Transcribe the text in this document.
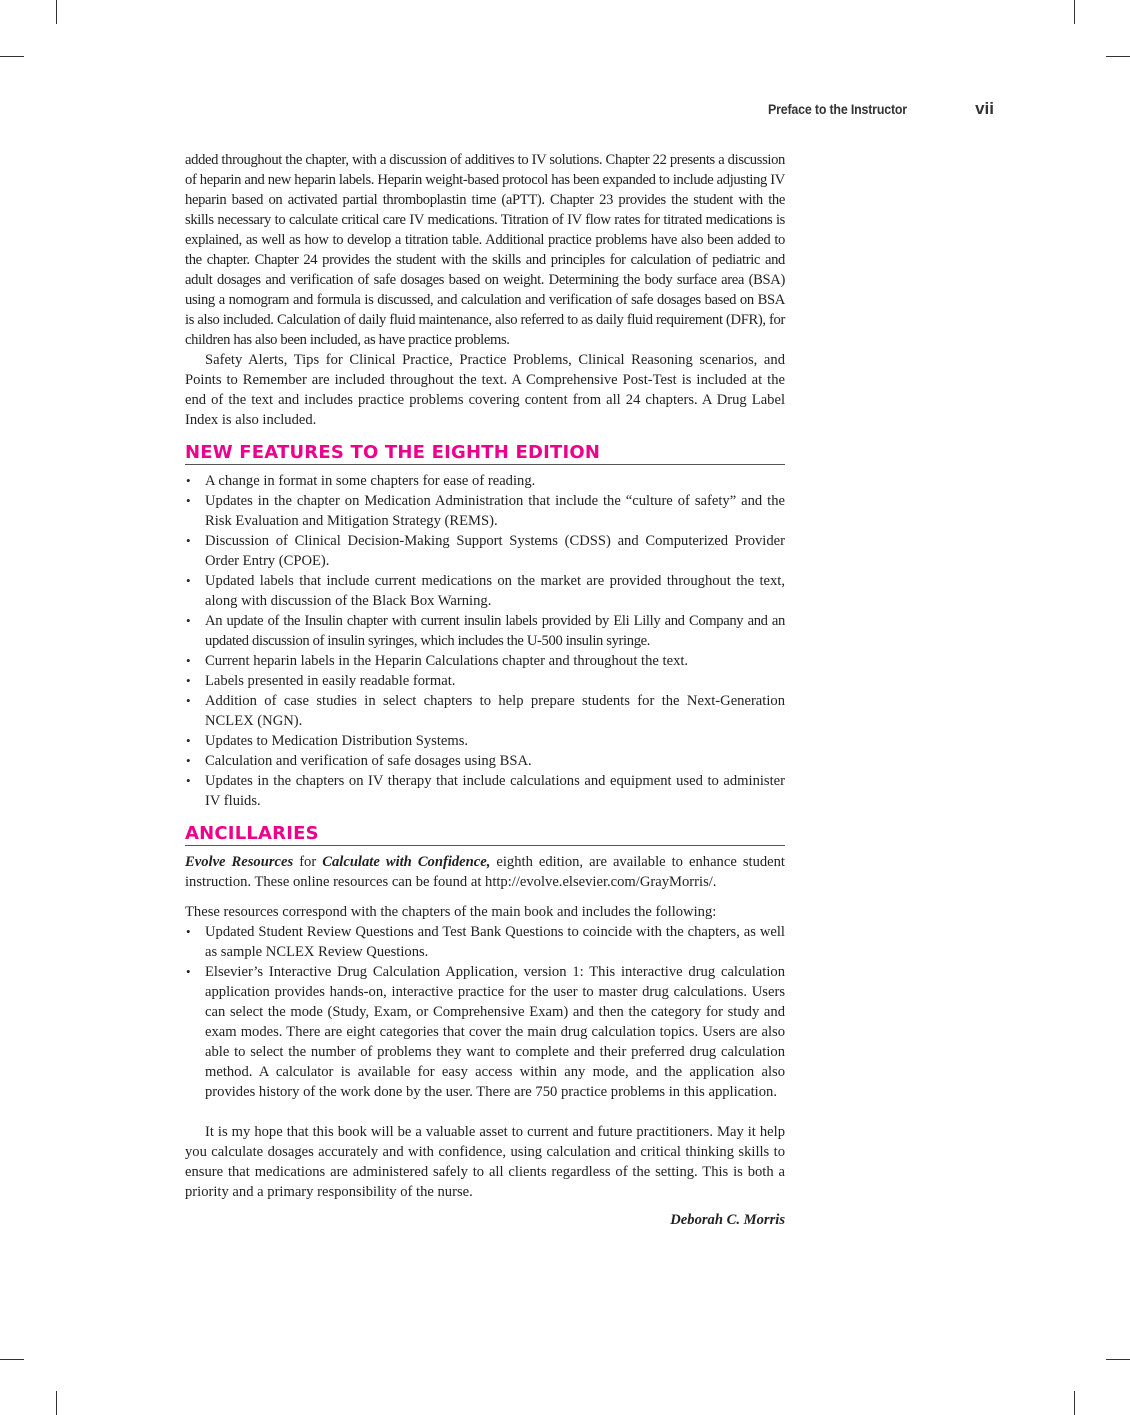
Preface to the Instructor	vii

added throughout the chapter, with a discussion of additives to IV solutions. Chapter 22 presents a discussion of heparin and new heparin labels. Heparin weight-based protocol has been expanded to include adjusting IV heparin based on activated partial thromboplastin time (aPTT). Chapter 23 provides the student with the skills necessary to calculate critical care IV medications. Titration of IV flow rates for titrated medications is explained, as well as how to develop a titration table. Additional practice problems have also been added to the chapter. Chapter 24 provides the student with the skills and principles for calculation of pediatric and adult dosages and verification of safe dosages based on weight. Determining the body surface area (BSA) using a nomogram and formula is discussed, and calculation and verification of safe dosages based on BSA is also included. Calculation of daily fluid maintenance, also referred to as daily fluid requirement (DFR), for children has also been included, as have practice problems.

Safety Alerts, Tips for Clinical Practice, Practice Problems, Clinical Reasoning scenarios, and Points to Remember are included throughout the text. A Comprehensive Post-Test is included at the end of the text and includes practice problems covering content from all 24 chapters. A Drug Label Index is also included.

NEW FEATURES TO THE EIGHTH EDITION
• A change in format in some chapters for ease of reading.
• Updates in the chapter on Medication Administration that include the “culture of safety” and the Risk Evaluation and Mitigation Strategy (REMS).
• Discussion of Clinical Decision-Making Support Systems (CDSS) and Computerized Provider Order Entry (CPOE).
• Updated labels that include current medications on the market are provided throughout the text, along with discussion of the Black Box Warning.
• An update of the Insulin chapter with current insulin labels provided by Eli Lilly and Company and an updated discussion of insulin syringes, which includes the U-500 insulin syringe.
• Current heparin labels in the Heparin Calculations chapter and throughout the text.
• Labels presented in easily readable format.
• Addition of case studies in select chapters to help prepare students for the Next-Generation NCLEX (NGN).
• Updates to Medication Distribution Systems.
• Calculation and verification of safe dosages using BSA.
• Updates in the chapters on IV therapy that include calculations and equipment used to administer IV fluids.
ANCILLARIES

Evolve Resources for Calculate with Confidence, eighth edition, are available to enhance student instruction. These online resources can be found at http://evolve.elsevier.com/GrayMorris/.

These resources correspond with the chapters of the main book and includes the following:

• Updated Student Review Questions and Test Bank Questions to coincide with the chapters, as well as sample NCLEX Review Questions.
• Elsevier’s Interactive Drug Calculation Application, version 1: This interactive drug calculation application provides hands-on, interactive practice for the user to master drug calculations. Users can select the mode (Study, Exam, or Comprehensive Exam) and then the category for study and exam modes. There are eight categories that cover the main drug calculation topics. Users are also able to select the number of problems they want to complete and their preferred drug calculation method. A calculator is available for easy access within any mode, and the application also provides history of the work done by the user. There are 750 practice problems in this application.

It is my hope that this book will be a valuable asset to current and future practitioners. May it help you calculate dosages accurately and with confidence, using calculation and critical thinking skills to ensure that medications are administered safely to all clients regardless of the setting. This is both a priority and a primary responsibility of the nurse.

Deborah C. Morris
